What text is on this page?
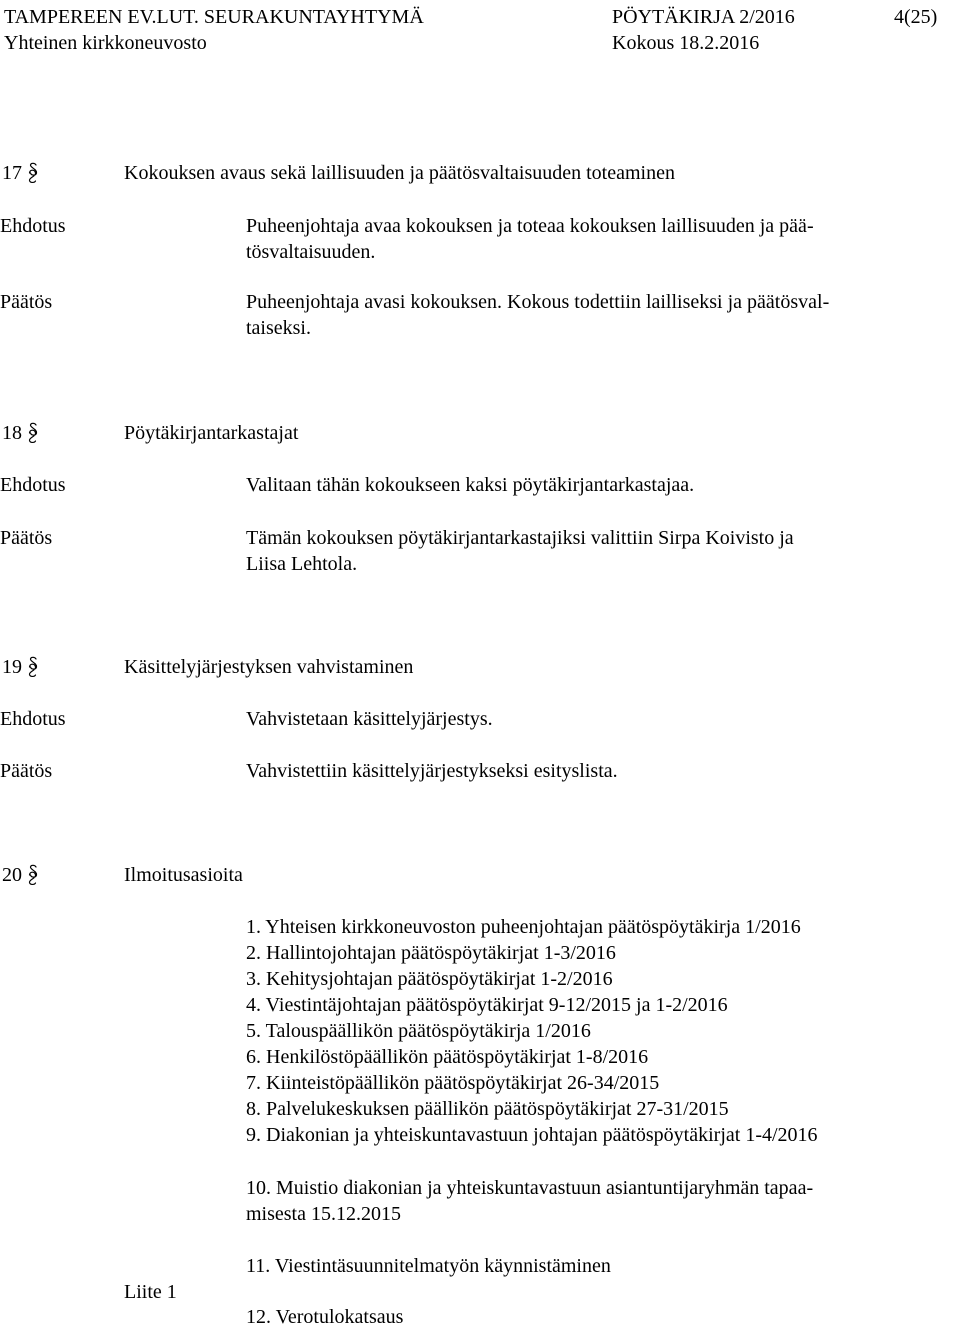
TAMPEREEN EV.LUT. SEURAKUNTAYHTYMÄ	PÖYTÄKIRJA 2/2016	4(25)
Yhteinen kirkkoneuvosto	Kokous 18.2.2016
17	Kokouksen avaus sekä laillisuuden ja päätösvaltaisuuden toteaminen
Ehdotus	Puheenjohtaja avaa kokouksen ja toteaa kokouksen laillisuuden ja pää-
tösvaltaisuuden.
Päätös	Puheenjohtaja avasi kokouksen. Kokous todettiin lailliseksi ja päätösval-
taiseksi.
18	Pöytäkirjantarkastajat
Ehdotus	Valitaan tähän kokoukseen kaksi pöytäkirjantarkastajaa.
Päätös	Tämän kokouksen pöytäkirjantarkastajiksi valittiin Sirpa Koivisto ja
Liisa Lehtola.
19	Käsittelyjärjestyksen vahvistaminen
Ehdotus	Vahvistetaan käsittelyjärjestys.
Päätös	Vahvistettiin käsittelyjärjestykseksi esityslista.
20	Ilmoitusasioita
1. Yhteisen kirkkoneuvoston puheenjohtajan päätöspöytäkirja 1/2016
2. Hallintojohtajan päätöspöytäkirjat 1-3/2016
3. Kehitysjohtajan päätöspöytäkirjat 1-2/2016
4. Viestintäjohtajan päätöspöytäkirjat 9-12/2015 ja 1-2/2016
5. Talouspäällikön päätöspöytäkirja 1/2016
6. Henkilöstöpäällikön päätöspöytäkirjat 1-8/2016
7. Kiinteistöpäällikön päätöspöytäkirjat 26-34/2015
8. Palvelukeskuksen päällikön päätöspöytäkirjat 27-31/2015
9. Diakonian ja yhteiskuntavastuun johtajan päätöspöytäkirjat 1-4/2016
10. Muistio diakonian ja yhteiskuntavastuun asiantuntijaryhmän tapaa-
misesta 15.12.2015
11. Viestintäsuunnitelmatyön käynnistäminen
Liite 1
12. Verotulokatsaus
